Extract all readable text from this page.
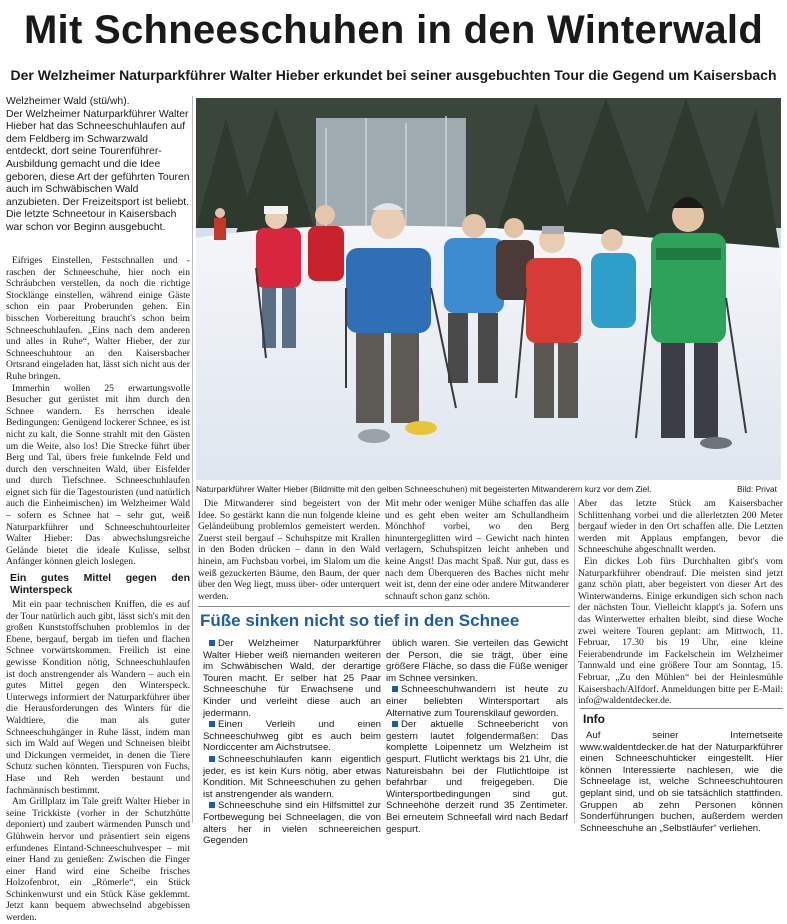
Mit Schneeschuhen in den Winterwald
Der Welzheimer Naturparkführer Walter Hieber erkundet bei seiner ausgebuchten Tour die Gegend um Kaisersbach

Welzheimer Wald (stü/wh).

Der Welzheimer Naturparkführer Walter Hieber hat das Schneeschuhlaufen auf dem Feldberg im Schwarzwald entdeckt, dort seine Tourenführer-Ausbildung gemacht und die Idee geboren, diese Art der geführten Touren auch im Schwäbischen Wald anzubieten. Der Freizeitsport ist beliebt. Die letzte Schneetour in Kaisersbach war schon vor Beginn ausgebucht.

Eifriges Einstellen, Festschnallen und -raschen der Schneeschuhe, hier noch ein Schräubchen verstellen, da noch die richtige Stocklänge einstellen, während einige Gäste schon ein paar Proberunden gehen. Ein bisschen Vorbereitung braucht's schon beim Schneeschuhlaufen. „Eins nach dem anderen und alles in Ruhe“, Walter Hieber, der zur Schneeschuhtour an den Kaisersbacher Ortsrand eingeladen hat, lässt sich nicht aus der Ruhe bringen.

Immerhin wollen 25 erwartungsvolle Besucher gut gerüstet mit ihm durch den Schnee wandern. Es herrschen ideale Bedingungen: Genügend lockerer Schnee, es ist nicht zu kalt, die Sonne strahlt mit den Gästen um die Weite, also los! Die Strecke führt über Berg und Tal, übers freie funkelnde Feld und durch den verschneiten Wald, über Eisfelder und durch Tiefschnee. Schneeschuhlaufen eignet sich für die Tagestouristen (und natürlich auch die Einheimischen) im Welzheimer Wald – sofern es Schnee hat – sehr gut, weiß Naturparkführer und Schneeschuhtourleiter Walter Hieber: Das abwechslungsreiche Gelände bietet die ideale Kulisse, selbst Anfänger können gleich loslegen.

Ein gutes Mittel gegen den Winterspeck

Mit ein paar technischen Kniffen, die es auf der Tour natürlich auch gibt, lässt sich's mit den großen Kunststoffschuhen problemlos in der Ebene, bergauf, bergab im tiefen und flachen Schnee vorwärtskommen. Freilich ist eine gewisse Kondition nötig, Schneeschuhlaufen ist doch anstrengender als Wandern – auch ein gutes Mittel gegen den Winterspeck. Unterwegs informiert der Naturparkführer über die Herausforderungen des Winters für die Waldtiere, die man als guter Schneeschuhgänger in Ruhe lässt, indem man sich im Wald auf Wegen und Schneisen bleibt und Dickungen vermeidet, in denen die Tiere Schutz suchen könnten. Tierspuren von Fuchs, Hase und Reh werden bestaunt und fachmännisch bestimmt.

Am Grillplatz im Tale greift Walter Hieber in seine Trickkiste (vorher in der Schutzhütte deponiert) und zaubert wärmenden Punsch und Glühwein hervor und präsentiert sein eigens erfundenes Eintand-Schneeschuhvesper – mit einer Hand zu genießen: Zwischen die Finger einer Hand wird eine Scheibe frisches Holzofenbrot, ein „Römerle“, ein Stück Schinkenwurst und ein Stück Käse geklemmt. Jetzt kann bequem abwechselnd abgebissen werden.

Naturparkführer Walter Hieber (Bildmitte mit den gelben Schneeschuhen) mit begeisterten Mitwanderern kurz vor dem Ziel.	Bild: Privat

Die Mitwanderer sind begeistert von der Idee. So gestärkt kann die nun folgende kleine Geländeübung problemlos gemeistert werden. Zuerst steil bergauf – Schuhspitze mit Krallen in den Boden drücken – dann in den Wald hinein, am Fuchsbau vorbei, im Slalom um die weiß gezuckerten Bäume, den Baum, der quer über den Weg liegt, muss über- oder unterquert werden.

Mit mehr oder weniger Mühe schaffen das alle und es geht eben weiter am Schullandheim Mönchhof vorbei, wo den Berg hinuntergeglitten wird – Gewicht nach hinten verlagern, Schuhspitzen leicht anheben und keine Angst! Das macht Spaß. Nur gut, dass es nach dem Überqueren des Baches nicht mehr weit ist, denn der eine oder andere Mitwanderer schnauft schon ganz schön.

Aber das letzte Stück am Kaisersbacher Schlittenhang vorbei und die allerletzten 200 Meter bergauf wieder in den Ort schaffen alle. Die Letzten werden mit Applaus empfangen, bevor die Schneeschuhe abgeschnallt werden.

Ein dickes Lob fürs Durchhalten gibt's vom Naturparkführer obendrauf. Die meisten sind jetzt ganz schön platt, aber begeistert von dieser Art des Winterwanderns. Einige erkundigen sich schon nach der nächsten Tour. Vielleicht klappt's ja. Sofern uns das Winterwetter erhalten bleibt, sind diese Woche zwei weitere Touren geplant: am Mittwoch, 11. Februar, 17.30 bis 19 Uhr, eine kleine Feierabendrunde im Fackelschein im Welzheimer Tannwald und eine größere Tour am Sonntag, 15. Februar, „Zu den Mühlen“ bei der Heinlesmühle Kaisersbach/Alfdorf. Anmeldungen bitte per E-Mail: info@waldentdecker.de.

Füße sinken nicht so tief in den Schnee

Der Welzheimer Naturparkführer Walter Hieber weiß niemanden weiteren im Schwäbischen Wald, der derartige Touren macht. Er selber hat 25 Paar Schneeschuhe für Erwachsene und Kinder und verleiht diese auch an jedermann.

Einen Verleih und einen Schneeschuhweg gibt es auch beim Nordiccenter am Aichstrutsee.

Schneeschuhlaufen kann eigentlich jeder, es ist kein Kurs nötig, aber etwas Kondition. Mit Schneeschuhen zu gehen ist anstrengender als wandern.

Schneeschuhe sind ein Hilfsmittel zur Fortbewegung bei Schneelagen, die von alters her in vielen schneereichen Gegenden

üblich waren. Sie verteilen das Gewicht der Person, die sie trägt, über eine größere Fläche, so dass die Füße weniger im Schnee versinken.

Schneeschuhwandern ist heute zu einer beliebten Wintersportart als Alternative zum Tourenskilauf geworden.

Der aktuelle Schneebericht von gestern lautet folgendermaßen: Das komplette Loipennetz um Welzheim ist gespurt. Flutlicht werktags bis 21 Uhr, die Natureisbahn bei der Flutlichtloipe ist befahrbar und freigegeben. Die Wintersportbedingungen sind gut. Schneehöhe derzeit rund 35 Zentimeter. Bei erneutem Schneefall wird nach Bedarf gespurt.

Info

Auf seiner Internetseite www.waldentdecker.de hat der Naturparkführer einen Schneeschuhticker eingestellt. Hier können Interessierte nachlesen, wie die Schneelage ist, welche Schneeschuhtouren geplant sind, und ob sie tatsächlich stattfinden. Gruppen ab zehn Personen können Sonderführungen buchen, außerdem werden Schneeschuhe an „Selbstläufer“ verliehen.
